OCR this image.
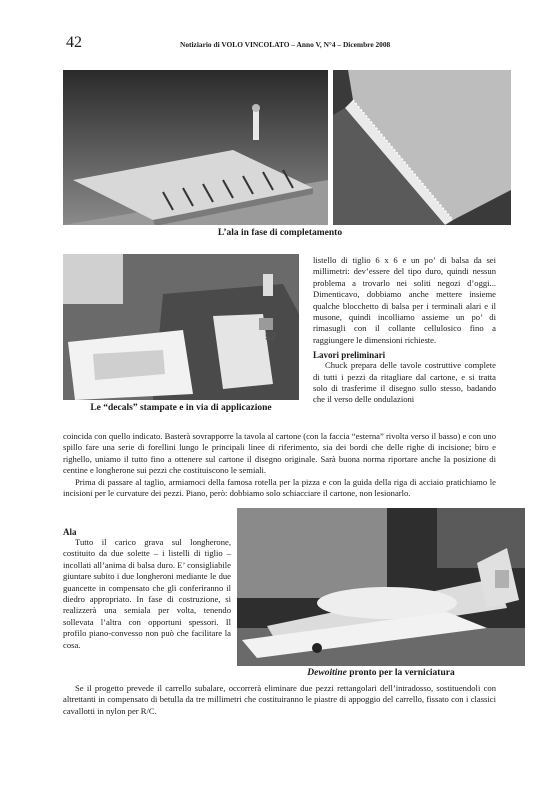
42	Notiziario di VOLO VINCOLATO – Anno V, N°4 – Dicembre 2008
L’ala in fase di completamento
52
Le “decals” stampate e in via di applicazione

listello di tiglio 6 x 6 e un po’ di balsa da sei millimetri: dev’essere del tipo duro, quindi nessun problema a trovarlo nei soliti negozi d’oggi... Dimenticavo, dobbiamo anche mettere insieme qualche blocchetto di balsa per i terminali alari e il musone, quindi incolliamo assieme un po’ di rimasugli con il collante cellulosico fino a raggiungere le dimensioni richieste.

Lavori preliminari

Chuck prepara delle tavole costruttive complete di tutti i pezzi da ritagliare dal cartone, e si tratta solo di trasferime il disegno sullo stesso, badando che il verso delle ondulazioni

coincida con quello indicato. Basterà sovrapporre la tavola al cartone (con la faccia “esterna” rivolta verso il basso) e con uno spillo fare una serie di forellini lungo le principali linee di riferimento, sia dei bordi che delle righe di incisione; biro e righello, uniamo il tutto fino a ottenere sul cartone il disegno originale. Sarà buona norma riportare anche la posizione di centine e longherone sui pezzi che costituiscono le semiali.

Prima di passare al taglio, armiamoci della famosa rotella per la pizza e con la guida della riga di acciaio pratichiamo le incisioni per le curvature dei pezzi. Piano, però: dobbiamo solo schiacciare il cartone, non lesionarlo.

Ala

Tutto il carico grava sul longherone, costituito da due solette – i listelli di tiglio – incollati all’anima di balsa duro. E’ consigliabile giuntare subito i due longheroni mediante le due guancette in compensato che gli conferiranno il diedro appropriato. In fase di costruzione, si realizzerà una semiala per volta, tenendo sollevata l’altra con opportuni spessori. Il profilo piano-convesso non può che facilitare la cosa.

Dewoitine pronto per la verniciatura

Se il progetto prevede il carrello subalare, occorrerà eliminare due pezzi rettangolari dell’intradosso, sostituendoli con altrettanti in compensato di betulla da tre millimetri che costituiranno le piastre di appoggio del carrello, fissato con i classici cavallotti in nylon per R/C.
